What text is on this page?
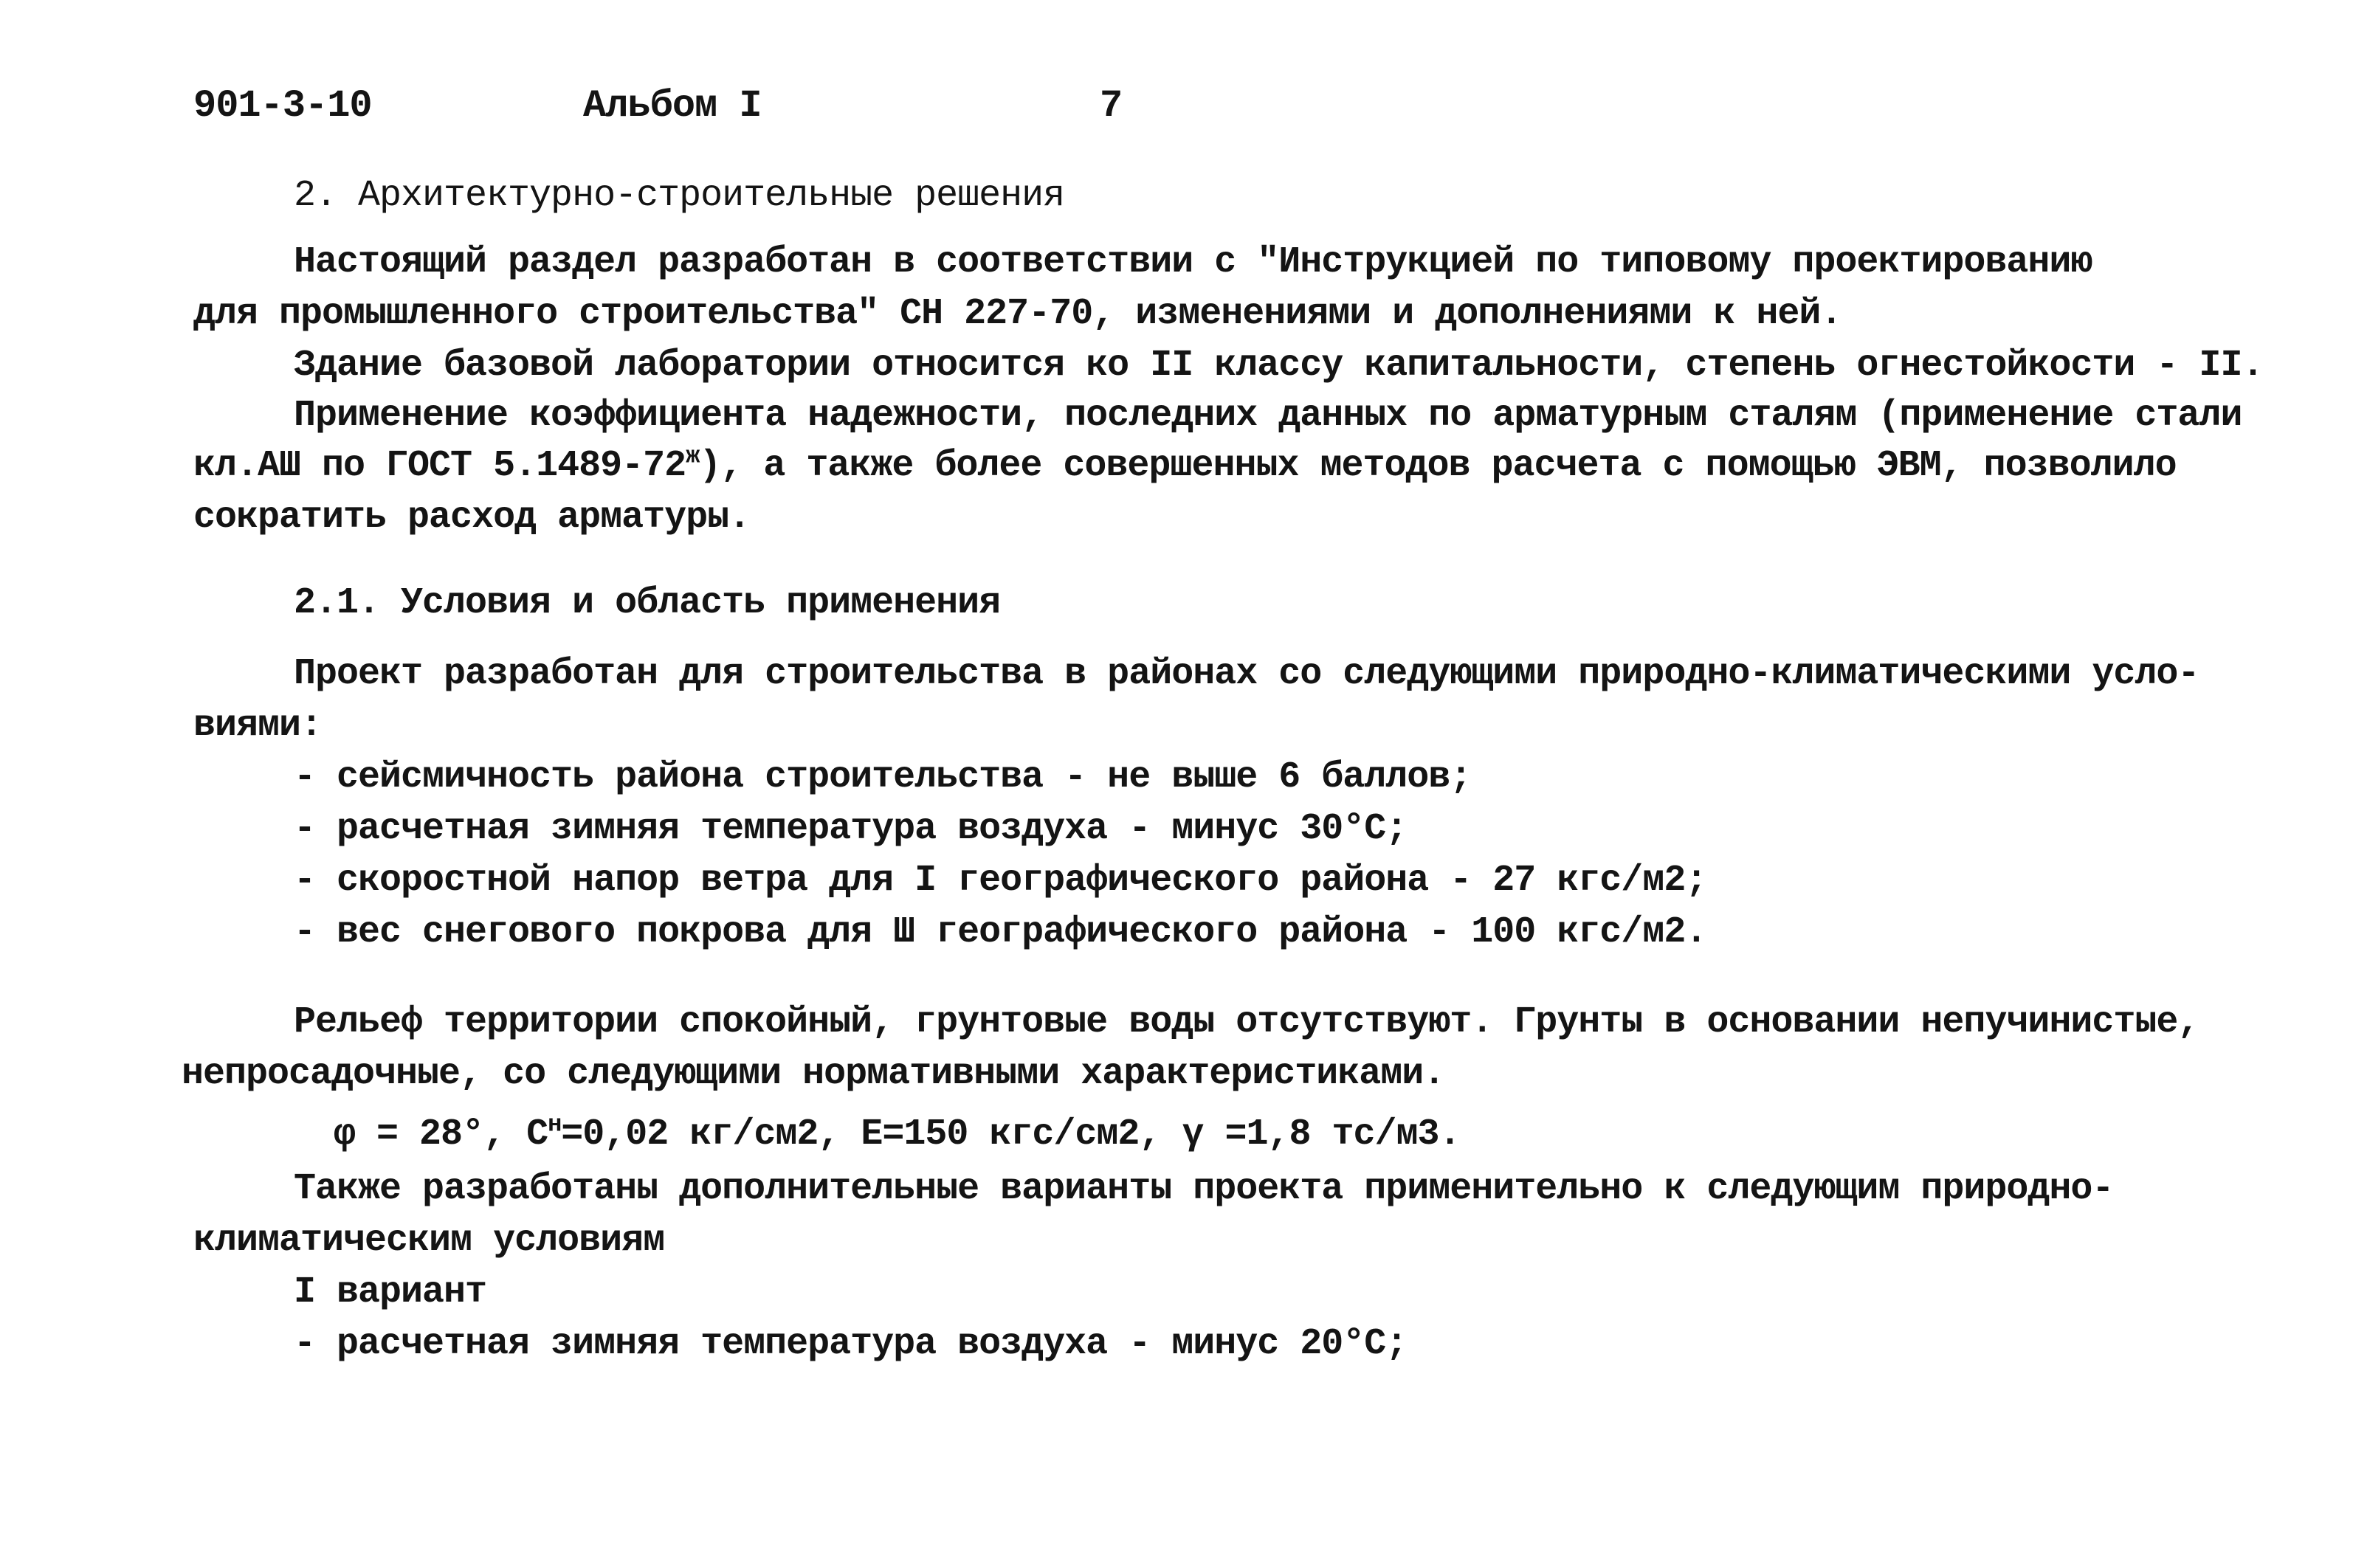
901-3-10	Альбом I	7
2. Архитектурно-строительные решения
Настоящий раздел разработан в соответствии с "Инструкцией по типовому проектированию
для промышленного строительства" СН 227-70, изменениями и дополнениями к ней.
Здание базовой лаборатории относится ко II классу капитальности, степень огнестойкости - II.
Применение коэффициента надежности, последних данных по арматурным сталям (применение стали
кл.АШ по ГОСТ $5.1489-72^ж$), а также более совершенных методов расчета с помощью ЭВМ, позволило
сократить расход арматуры.
2.1. Условия и область применения
Проект разработан для строительства в районах со следующими природно-климатическими усло-
виями:
- сейсмичность района строительства - не выше 6 баллов;
- расчетная зимняя температура воздуха - минус 30°C;
- скоростной напор ветра для I географического района - 27 кгс/м2;
- вес снегового покрова для Ш географического района - 100 кгс/м2.
Рельеф территории спокойный, грунтовые воды отсутствуют. Грунты в основании непучинистые,
непросадочные, со следующими нормативными характеристиками.
φ = 28°, $C^н=0,02$ кг/см2, E=150 кгс/см2, γ =1,8 тс/м3.
Также разработаны дополнительные варианты проекта применительно к следующим природно-
климатическим условиям
I вариант
- расчетная зимняя температура воздуха - минус 20°C;
